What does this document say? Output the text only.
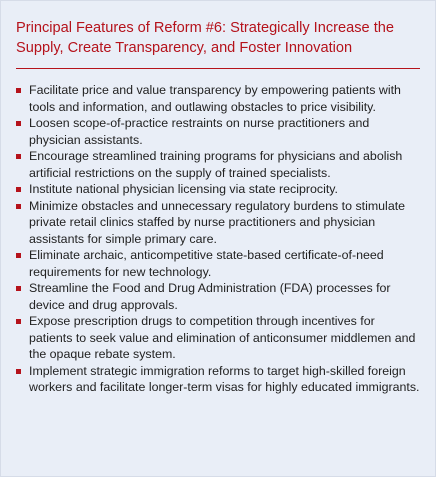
Principal Features of Reform #6: Strategically Increase the
Supply, Create Transparency, and Foster Innovation
Facilitate price and value transparency by empowering patients with tools and information, and outlawing obstacles to price visibility.
Loosen scope-of-practice restraints on nurse practitioners and physician assistants.
Encourage streamlined training programs for physicians and abolish artificial restrictions on the supply of trained specialists.
Institute national physician licensing via state reciprocity.
Minimize obstacles and unnecessary regulatory burdens to stimulate private retail clinics staffed by nurse practitioners and physician assistants for simple primary care.
Eliminate archaic, anticompetitive state-based certificate-of-need requirements for new technology.
Streamline the Food and Drug Administration (FDA) processes for device and drug approvals.
Expose prescription drugs to competition through incentives for patients to seek value and elimination of anticonsumer middlemen and the opaque rebate system.
Implement strategic immigration reforms to target high-skilled foreign workers and facilitate longer-term visas for highly educated immigrants.
